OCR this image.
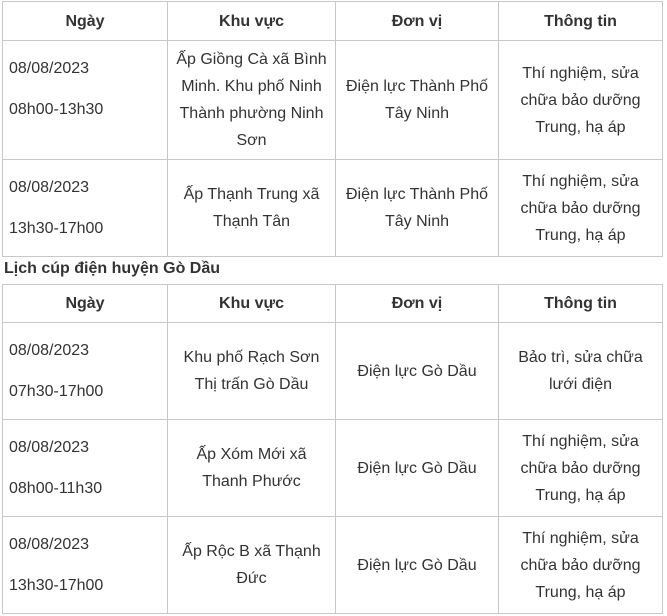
Ngày	Khu vực	Đơn vị	Thông tin

08/08/2023
08h00-13h30	Ấp Giồng Cà xã Bình Minh. Khu phố Ninh Thành phường Ninh Sơn	Điện lực Thành Phố Tây Ninh	Thí nghiệm, sửa chữa bảo dưỡng Trung, hạ áp

08/08/2023
13h30-17h00	Ấp Thạnh Trung xã Thạnh Tân	Điện lực Thành Phố Tây Ninh	Thí nghiệm, sửa chữa bảo dưỡng Trung, hạ áp
Lịch cúp điện huyện Gò Dầu
Ngày	Khu vực	Đơn vị	Thông tin

08/08/2023
07h30-17h00	Khu phố Rạch Sơn Thị trấn Gò Dầu	Điện lực Gò Dầu	Bảo trì, sửa chữa lưới điện

08/08/2023
08h00-11h30	Ấp Xóm Mới xã Thanh Phước	Điện lực Gò Dầu	Thí nghiệm, sửa chữa bảo dưỡng Trung, hạ áp

08/08/2023
13h30-17h00	Ấp Rộc B xã Thạnh Đức	Điện lực Gò Dầu	Thí nghiệm, sửa chữa bảo dưỡng Trung, hạ áp
